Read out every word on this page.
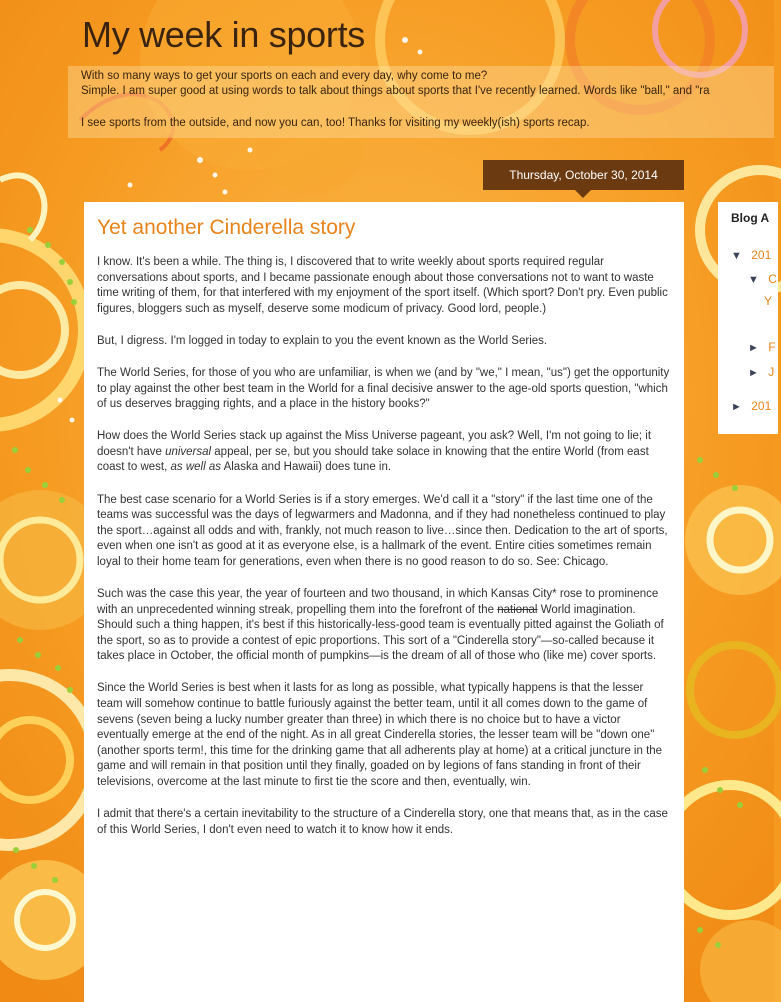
My week in sports

With so many ways to get your sports on each and every day, why come to me?

Simple. I am super good at using words to talk about things about sports that I've recently learned. Words like "ball," and "ra

I see sports from the outside, and now you can, too! Thanks for visiting my weekly(ish) sports recap.

Thursday, October 30, 2014
Yet another Cinderella story

I know. It's been a while. The thing is, I discovered that to write weekly about sports required regular conversations about sports, and I became passionate enough about those conversations not to want to waste time writing of them, for that interfered with my enjoyment of the sport itself. (Which sport? Don't pry. Even public figures, bloggers such as myself, deserve some modicum of privacy. Good lord, people.)

But, I digress. I'm logged in today to explain to you the event known as the World Series.

The World Series, for those of you who are unfamiliar, is when we (and by "we," I mean, "us") get the opportunity to play against the other best team in the World for a final decisive answer to the age-old sports question, "which of us deserves bragging rights, and a place in the history books?"

How does the World Series stack up against the Miss Universe pageant, you ask? Well, I'm not going to lie; it doesn't have universal appeal, per se, but you should take solace in knowing that the entire World (from east coast to west, as well as Alaska and Hawaii) does tune in.

The best case scenario for a World Series is if a story emerges. We'd call it a "story" if the last time one of the teams was successful was the days of legwarmers and Madonna, and if they had nonetheless continued to play the sport…against all odds and with, frankly, not much reason to live…since then. Dedication to the art of sports, even when one isn't as good at it as everyone else, is a hallmark of the event. Entire cities sometimes remain loyal to their home team for generations, even when there is no good reason to do so. See: Chicago.

Such was the case this year, the year of fourteen and two thousand, in which Kansas City* rose to prominence with an unprecedented winning streak, propelling them into the forefront of the national World imagination. Should such a thing happen, it's best if this historically-less-good team is eventually pitted against the Goliath of the sport, so as to provide a contest of epic proportions. This sort of a "Cinderella story"—so-called because it takes place in October, the official month of pumpkins—is the dream of all of those who (like me) cover sports.

Since the World Series is best when it lasts for as long as possible, what typically happens is that the lesser team will somehow continue to battle furiously against the better team, until it all comes down to the game of sevens (seven being a lucky number greater than three) in which there is no choice but to have a victor eventually emerge at the end of the night. As in all great Cinderella stories, the lesser team will be "down one" (another sports term!, this time for the drinking game that all adherents play at home) at a critical juncture in the game and will remain in that position until they finally, goaded on by legions of fans standing in front of their televisions, overcome at the last minute to first tie the score and then, eventually, win.

I admit that there's a certain inevitability to the structure of a Cinderella story, one that means that, as in the case of this World Series, I don't even need to watch it to know how it ends.

Blog A
▼ 201
▼ C
Y
► F
► J
► 201
